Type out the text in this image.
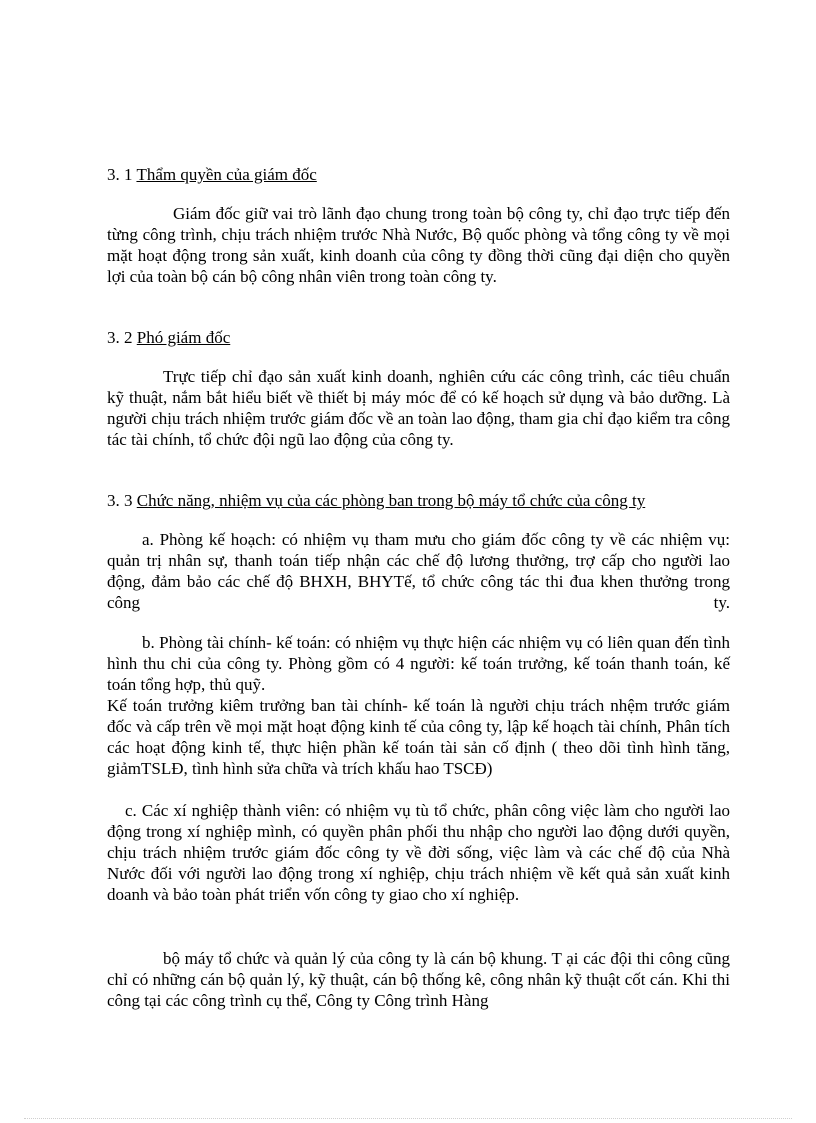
3. 1 Thẩm quyền của giám đốc

Giám đốc giữ vai trò lãnh đạo chung trong toàn bộ công ty, chỉ đạo trực tiếp đến từng công trình, chịu trách nhiệm trước Nhà Nước, Bộ quốc phòng và tổng công ty về mọi mặt hoạt động trong sản xuất, kinh doanh của công ty đồng thời cũng đại diện cho quyền lợi của toàn bộ cán bộ công nhân viên trong toàn công ty.

3. 2 Phó giám đốc

Trực tiếp chỉ đạo sản xuất kinh doanh, nghiên cứu các công trình, các tiêu chuẩn kỹ thuật, nắm bắt hiểu biết về thiết bị máy móc để có kế hoạch sử dụng và bảo dưỡng. Là người chịu trách nhiệm trước giám đốc về an toàn lao động, tham gia chỉ đạo kiểm tra công tác tài chính, tổ chức đội ngũ lao động của công ty.

3. 3 Chức năng, nhiệm vụ của các phòng ban trong bộ máy tổ chức của công ty

a. Phòng kế hoạch: có nhiệm vụ tham mưu cho giám đốc công ty về các nhiệm vụ: quản trị nhân sự, thanh toán tiếp nhận các chế độ lương thưởng, trợ cấp cho người lao động, đảm bảo các chế độ BHXH, BHYTế, tổ chức công tác thi đua khen thưởng trong công ty.

b. Phòng tài chính- kế toán: có nhiệm vụ thực hiện các nhiệm vụ có liên quan đến tình hình thu chi của công ty. Phòng gồm có 4 người: kế toán trưởng, kế toán thanh toán, kế toán tổng hợp, thủ quỹ.

Kế toán trưởng kiêm trưởng ban tài chính- kế toán là người chịu trách nhệm trước giám đốc và cấp trên về mọi mặt hoạt động kinh tế của công ty, lập kế hoạch tài chính, Phân tích các hoạt động kinh tế, thực hiện phần kế toán tài sản cố định ( theo dõi tình hình tăng, giảmTSLĐ, tình hình sửa chữa và trích khấu hao TSCĐ)

c. Các xí nghiệp thành viên: có nhiệm vụ tù tổ chức, phân công việc làm cho người lao động trong xí nghiệp mình, có quyền phân phối thu nhập cho người lao động dưới quyền, chịu trách nhiệm trước giám đốc công ty về đời sống, việc làm và các chế độ của Nhà Nước đối với người lao động trong xí nghiệp, chịu trách nhiệm về kết quả sản xuất kinh doanh và bảo toàn phát triển vốn công ty giao cho xí nghiệp.

bộ máy tổ chức và quản lý của công ty là cán bộ khung. T ại các đội thi công cũng chỉ có những cán bộ quản lý, kỹ thuật, cán bộ thống kê, công nhân kỹ thuật cốt cán. Khi thi công tại các công trình cụ thể, Công ty Công trình Hàng
